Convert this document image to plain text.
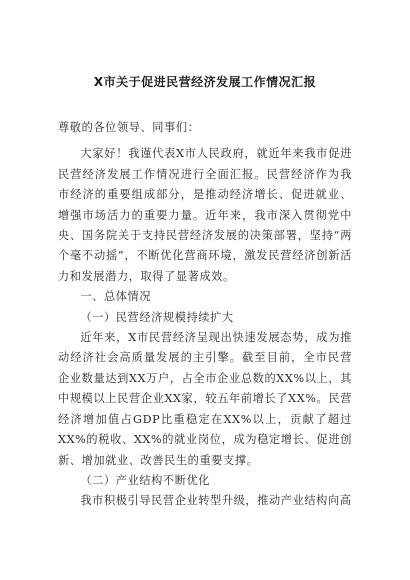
X市关于促进民营经济发展工作情况汇报

尊敬的各位领导、同事们：

大家好！我谨代表X市人民政府，就近年来我市促进民营经济发展工作情况进行全面汇报。民营经济作为我市经济的重要组成部分，是推动经济增长、促进就业、增强市场活力的重要力量。近年来，我市深入贯彻党中央、国务院关于支持民营经济发展的决策部署，坚持“两个毫不动摇”，不断优化营商环境，激发民营经济创新活力和发展潜力，取得了显著成效。

一、总体情况

（一）民营经济规模持续扩大

近年来，X市民营经济呈现出快速发展态势，成为推动经济社会高质量发展的主引擎。截至目前，全市民营企业数量达到XX万户，占全市企业总数的XX%以上，其中规模以上民营企业XX家，较五年前增长了XX%。民营经济增加值占GDP比重稳定在XX%以上，贡献了超过XX%的税收、XX%的就业岗位，成为稳定增长、促进创新、增加就业、改善民生的重要支撑。

（二）产业结构不断优化

我市积极引导民营企业转型升级，推动产业结构向高
